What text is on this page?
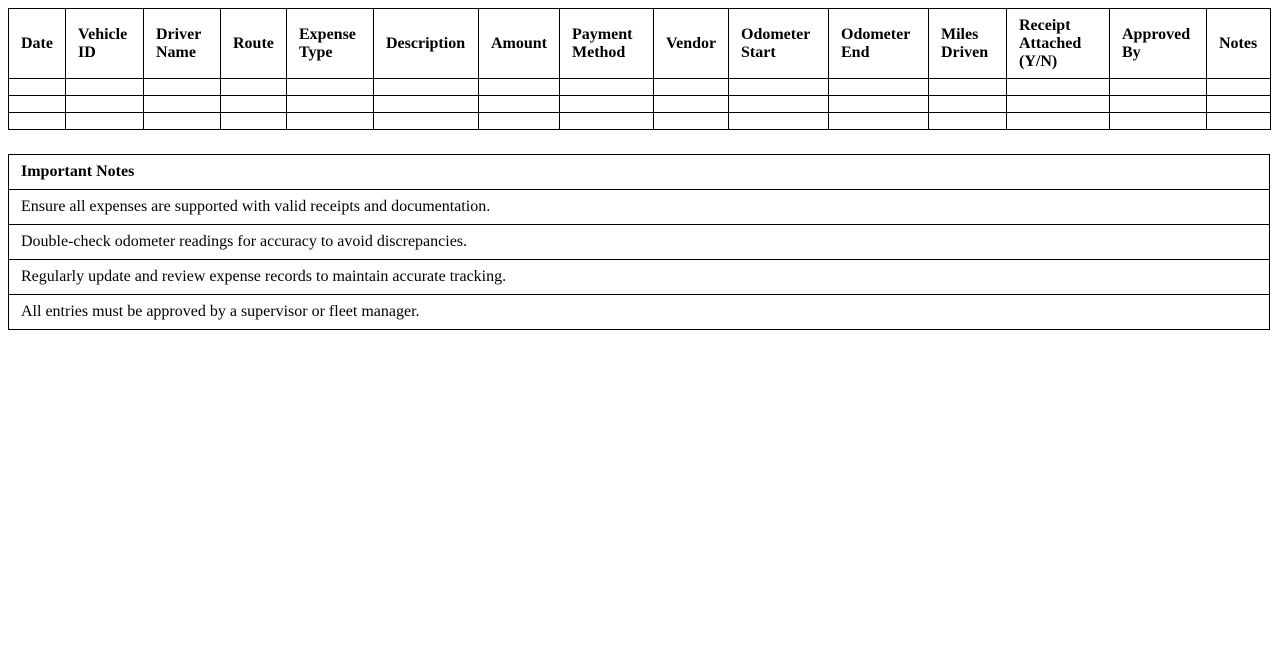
Date	Vehicle ID	Driver Name	Route	Expense Type	Description	Amount	Payment Method	Vendor	Odometer Start	Odometer End	Miles Driven	Receipt Attached (Y/N)	Approved By	Notes

Important Notes
Ensure all expenses are supported with valid receipts and documentation.
Double-check odometer readings for accuracy to avoid discrepancies.
Regularly update and review expense records to maintain accurate tracking.
All entries must be approved by a supervisor or fleet manager.
